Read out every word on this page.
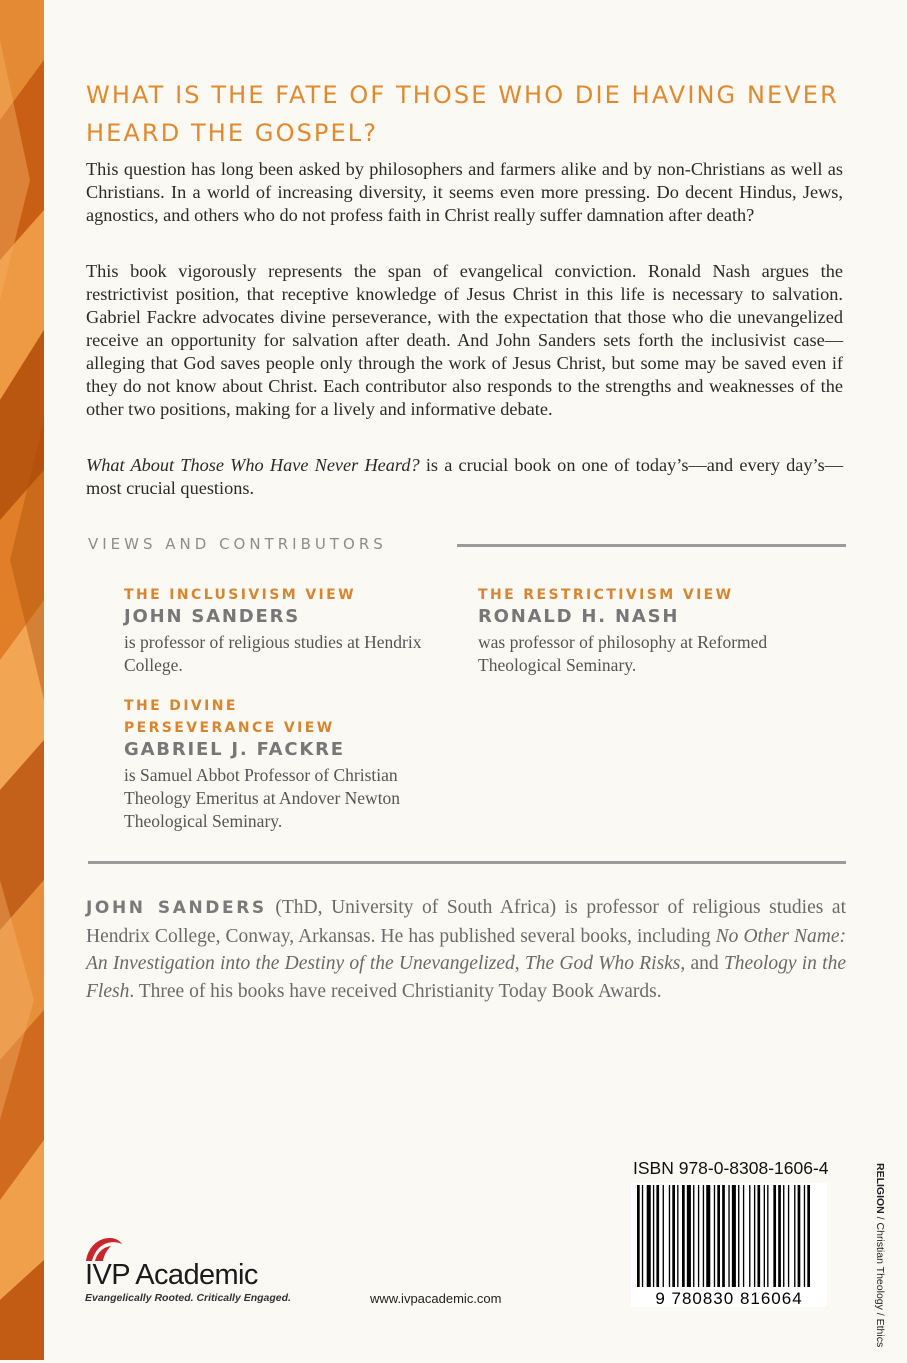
WHAT IS THE FATE OF THOSE WHO DIE HAVING NEVER HEARD THE GOSPEL?

This question has long been asked by philosophers and farmers alike and by non-Christians as well as Christians. In a world of increasing diversity, it seems even more pressing. Do decent Hindus, Jews, agnostics, and others who do not profess faith in Christ really suffer damnation after death?

This book vigorously represents the span of evangelical conviction. Ronald Nash argues the restrictivist position, that receptive knowledge of Jesus Christ in this life is necessary to salvation. Gabriel Fackre advocates divine perseverance, with the expectation that those who die unevangelized receive an opportunity for salvation after death. And John Sanders sets forth the inclusivist case—alleging that God saves people only through the work of Jesus Christ, but some may be saved even if they do not know about Christ. Each contributor also responds to the strengths and weaknesses of the other two positions, making for a lively and informative debate.

What About Those Who Have Never Heard? is a crucial book on one of today’s—and every day’s—most crucial questions.

VIEWS AND CONTRIBUTORS
THE INCLUSIVISM VIEW
JOHN SANDERS
is professor of religious studies at Hendrix College.
THE RESTRICTIVISM VIEW
RONALD H. NASH
was professor of philosophy at Reformed Theological Seminary.
THE DIVINE
PERSEVERANCE VIEW
GABRIEL J. FACKRE
is Samuel Abbot Professor of Christian Theology Emeritus at Andover Newton Theological Seminary.

JOHN SANDERS (ThD, University of South Africa) is professor of religious studies at Hendrix College, Conway, Arkansas. He has published several books, including No Other Name: An Investigation into the Destiny of the Unevangelized, The God Who Risks, and Theology in the Flesh. Three of his books have received Christianity Today Book Awards.

ISBN 978-0-8308-1606-4
9 780830 816064
RELIGION / Christian Theology / Ethics
IVP Academic
Evangelically Rooted. Critically Engaged.	www.ivpacademic.com
